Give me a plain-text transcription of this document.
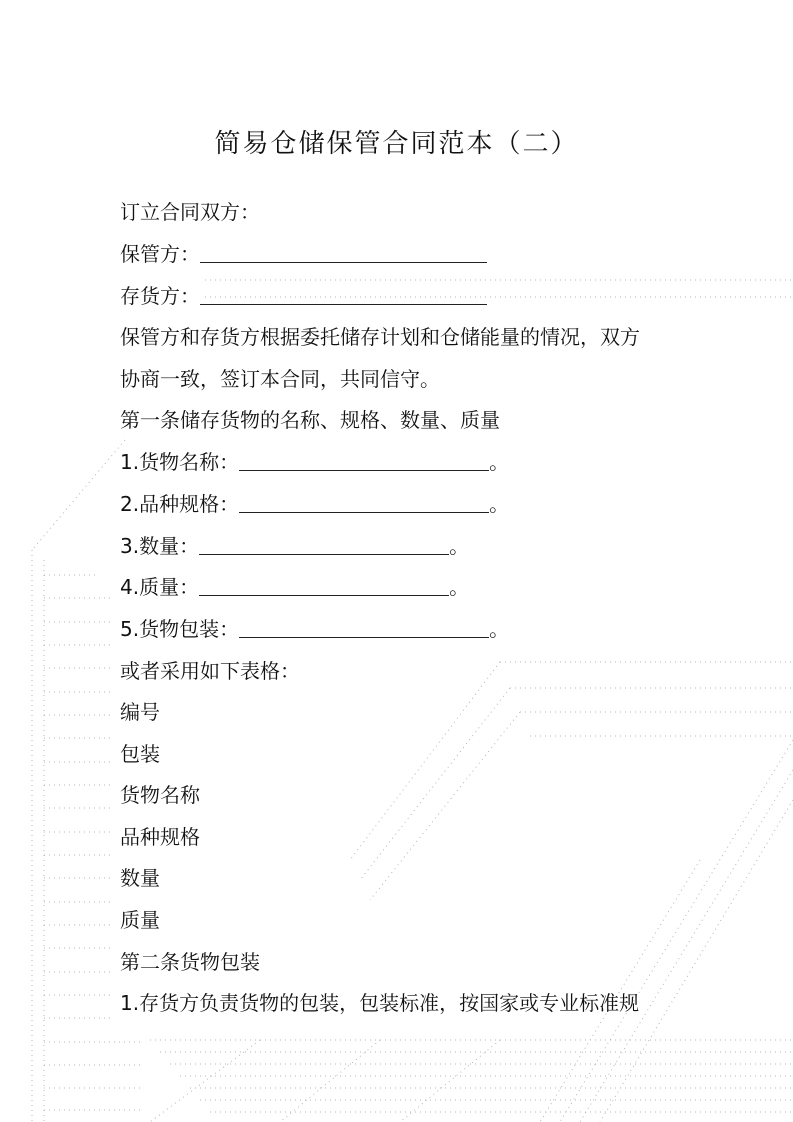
简易仓储保管合同范本（二）
订立合同双方：
保管方：
存货方：
保管方和存货方根据委托储存计划和仓储能量的情况，双方
协商一致，签订本合同，共同信守。
第一条储存货物的名称、规格、数量、质量
1.货物名称：	。
2.品种规格：	。
3.数量：	。
4.质量：	。
5.货物包装：	。
或者采用如下表格：
编号
包装
货物名称
品种规格
数量
质量
第二条货物包装
1.存货方负责货物的包装，包装标准，按国家或专业标准规
